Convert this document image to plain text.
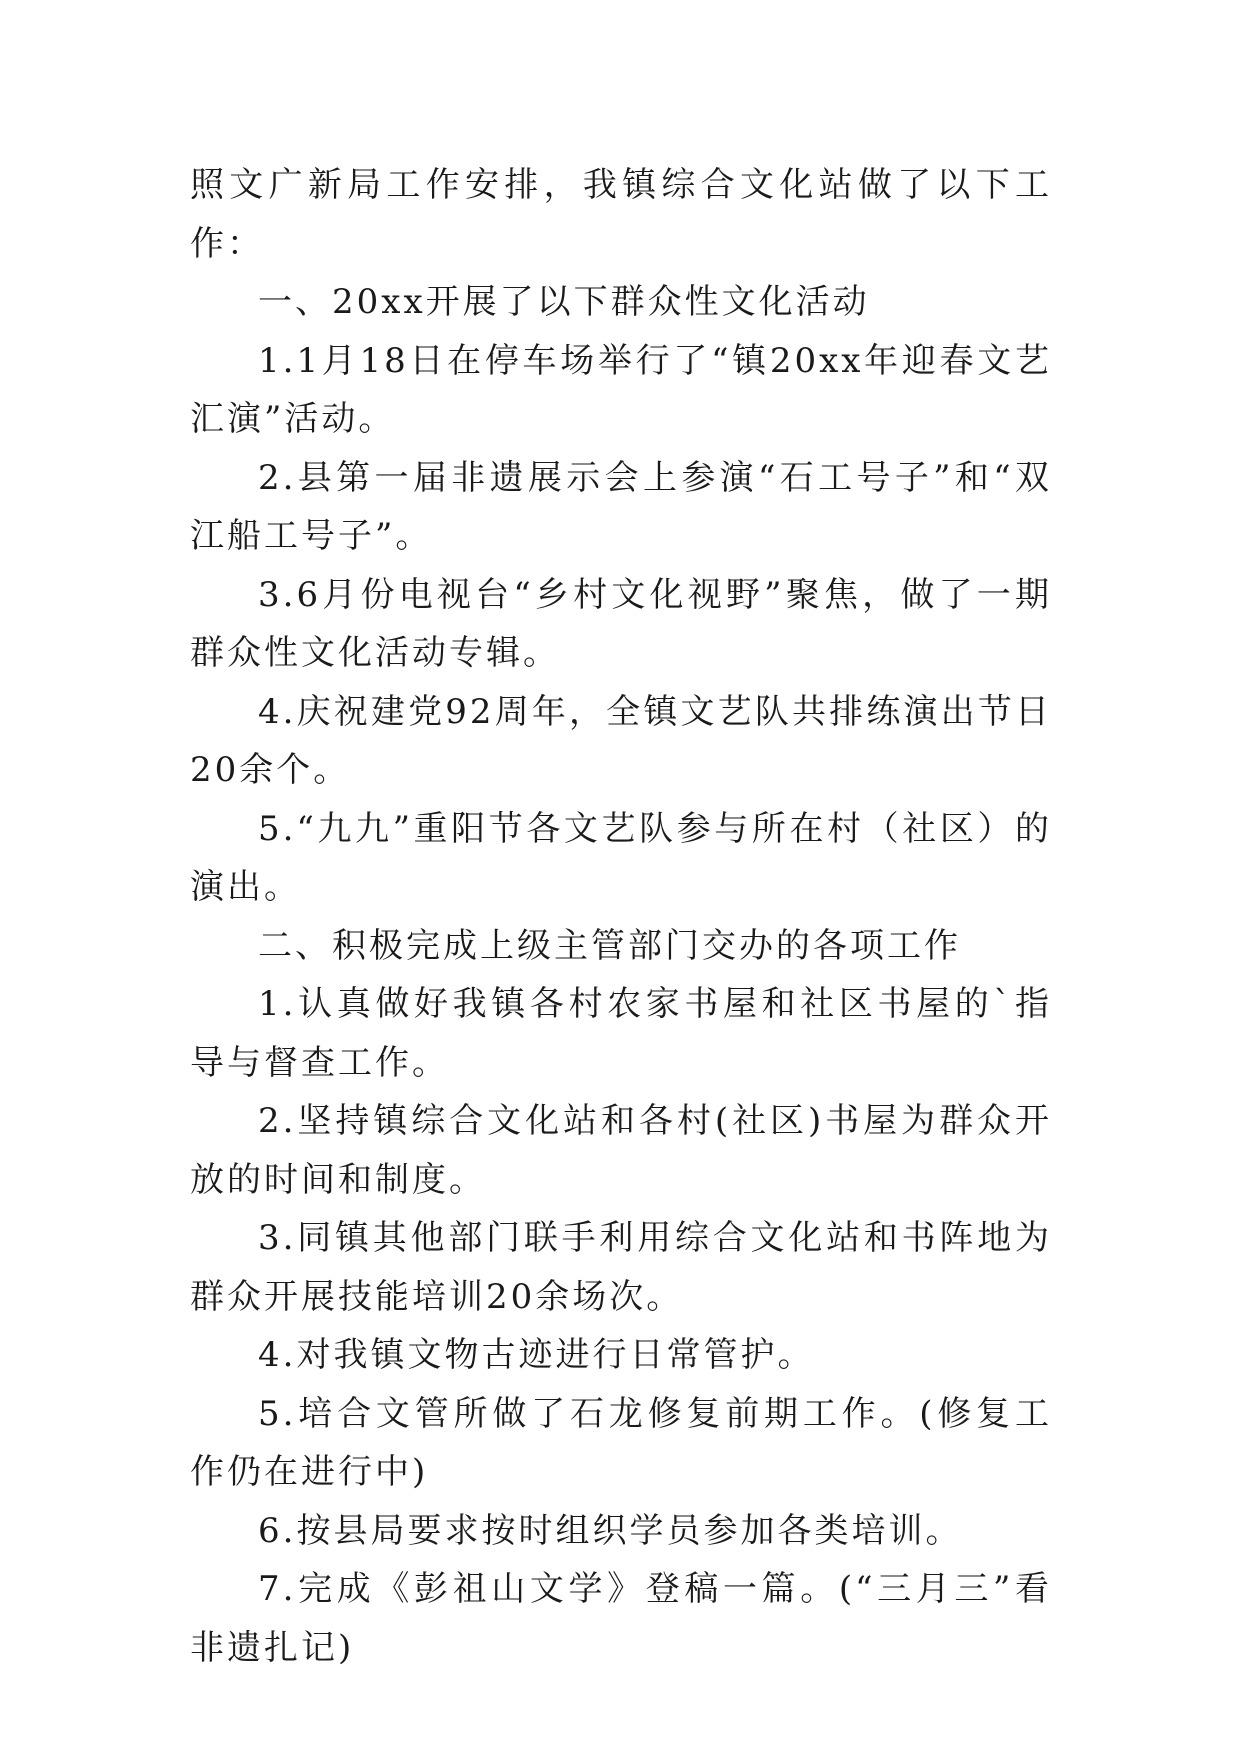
照文广新局工作安排，我镇综合文化站做了以下工作：

一、20xx开展了以下群众性文化活动

1.1月18日在停车场举行了“镇20xx年迎春文艺汇演”活动。

2.县第一届非遗展示会上参演“石工号子”和“双江船工号子”。

3.6月份电视台“乡村文化视野”聚焦，做了一期群众性文化活动专辑。

4.庆祝建党92周年，全镇文艺队共排练演出节日20余个。

5.“九九”重阳节各文艺队参与所在村（社区）的演出。

二、积极完成上级主管部门交办的各项工作

1.认真做好我镇各村农家书屋和社区书屋的`指导与督查工作。

2.坚持镇综合文化站和各村(社区)书屋为群众开放的时间和制度。

3.同镇其他部门联手利用综合文化站和书阵地为群众开展技能培训20余场次。

4.对我镇文物古迹进行日常管护。

5.培合文管所做了石龙修复前期工作。(修复工作仍在进行中)

6.按县局要求按时组织学员参加各类培训。

7.完成《彭祖山文学》登稿一篇。(“三月三”看非遗扎记)
